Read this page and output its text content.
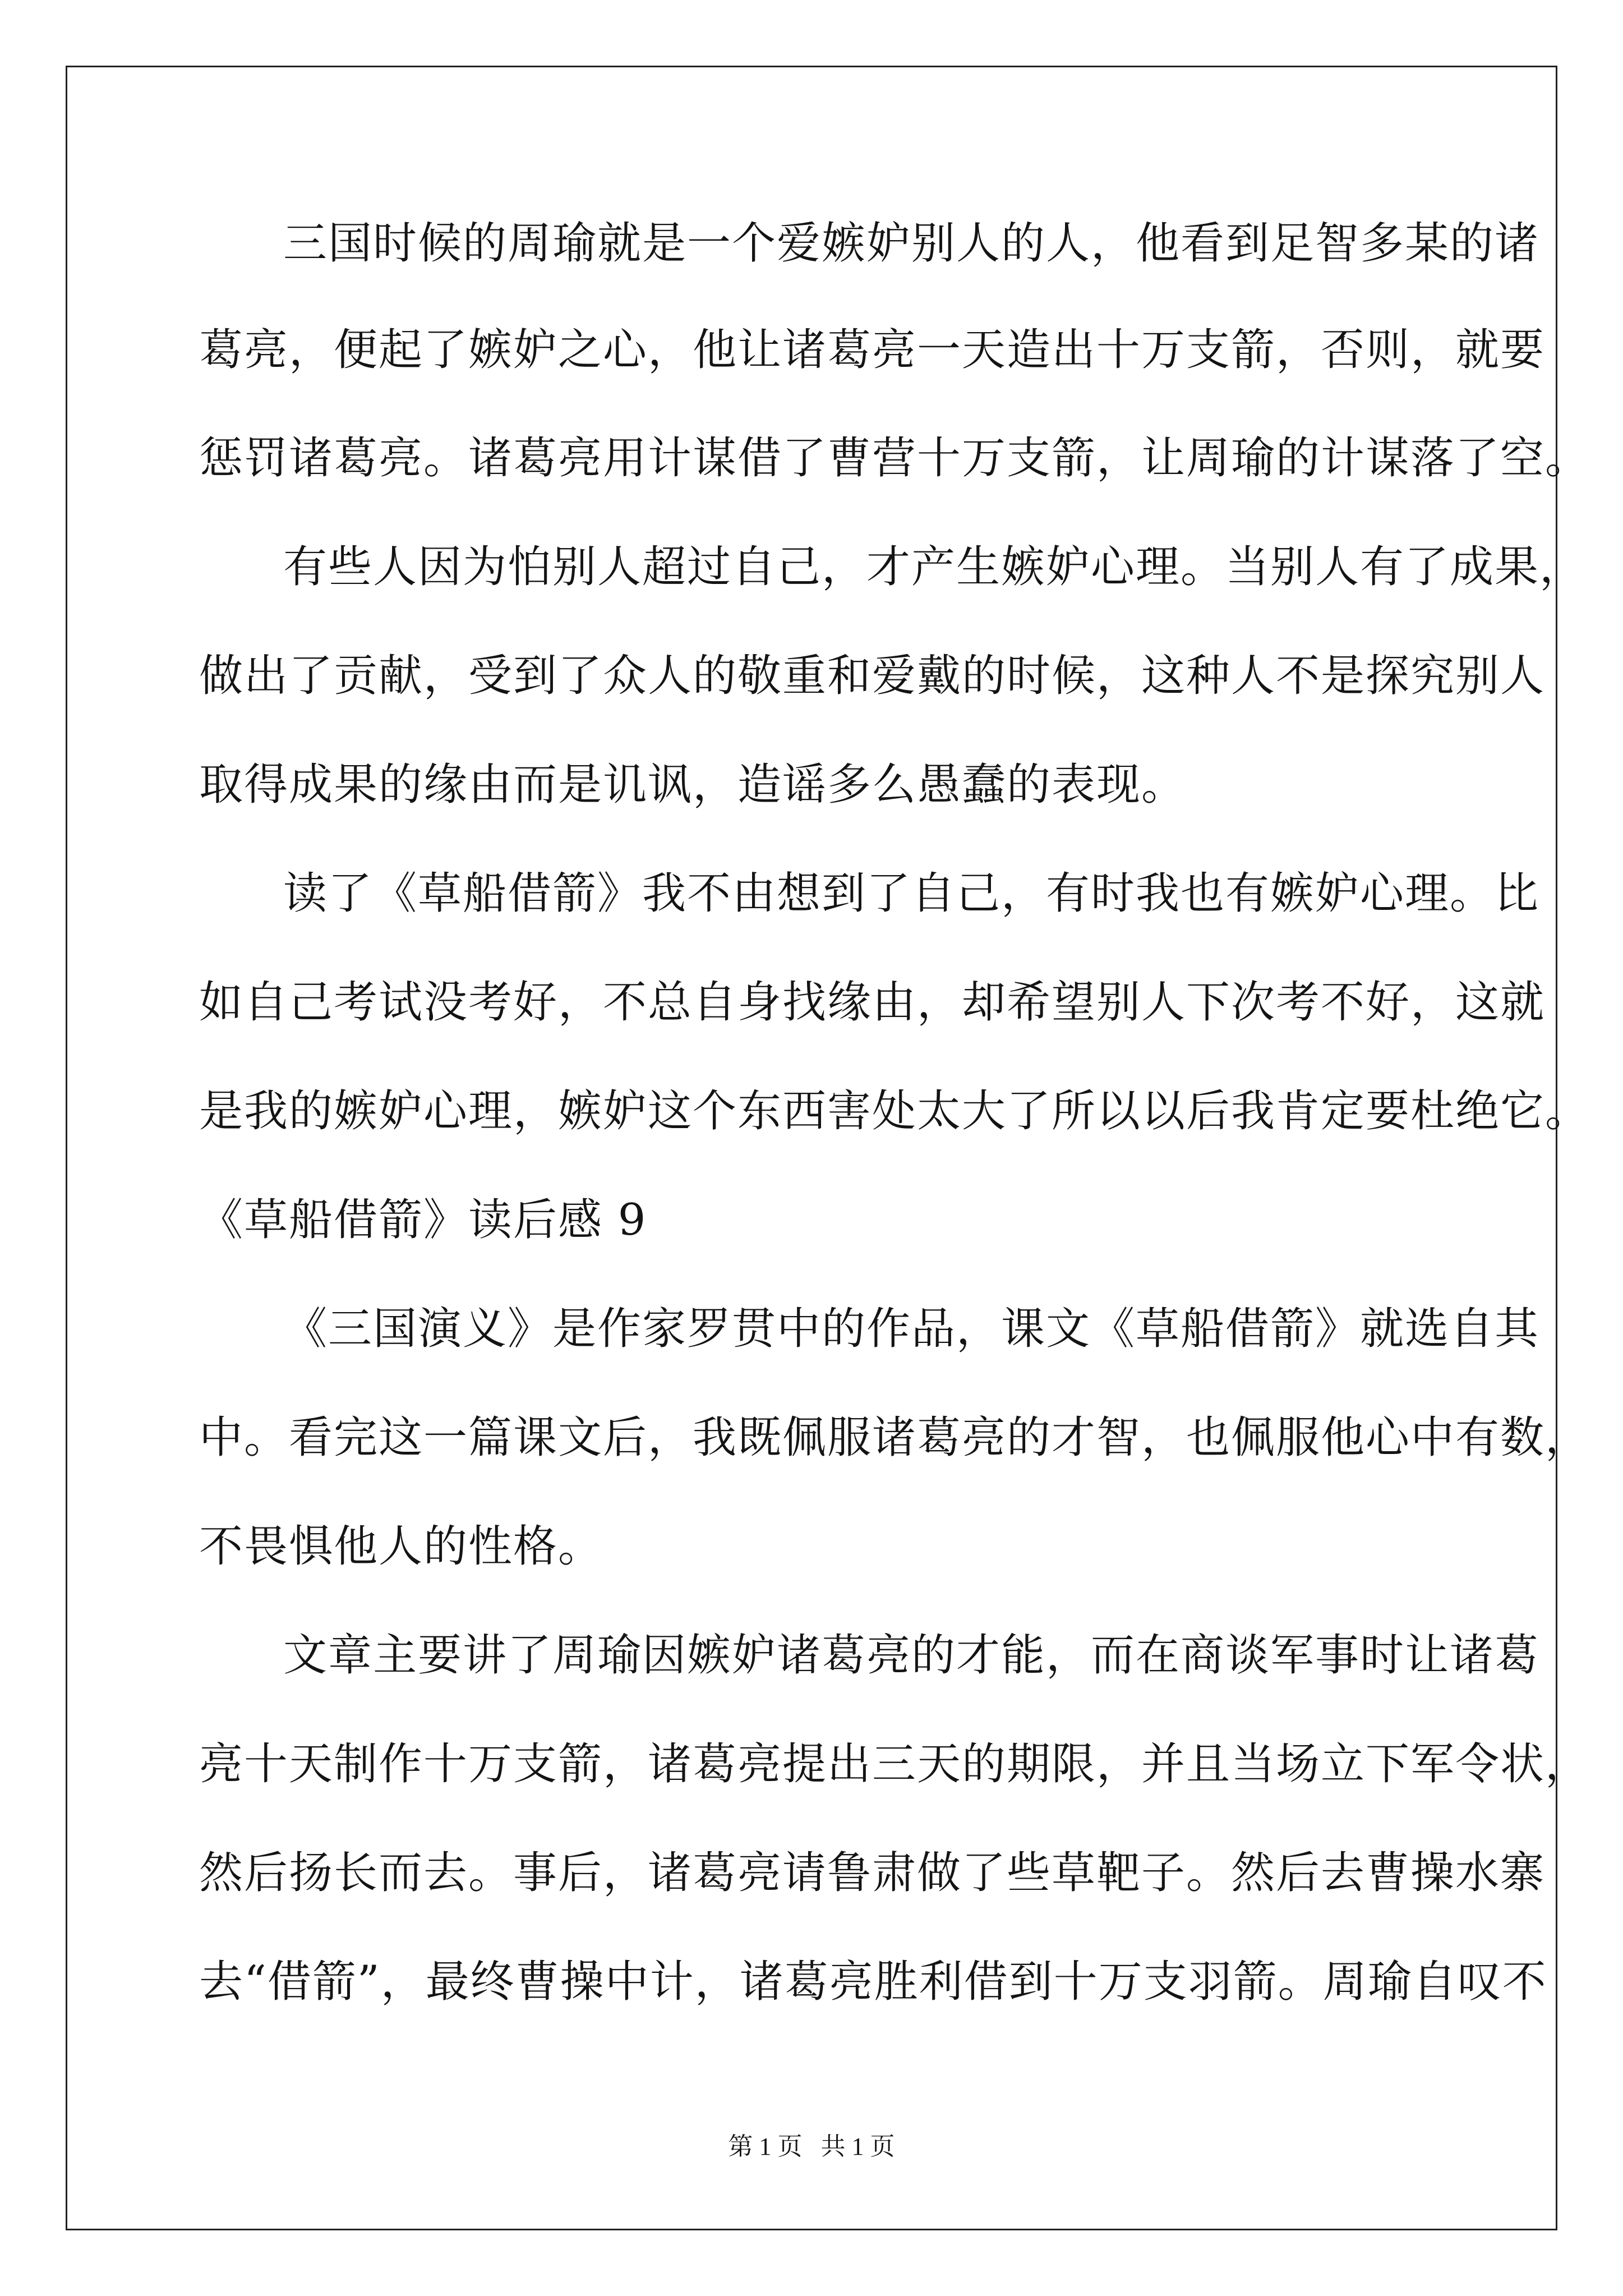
三国时候的周瑜就是一个爱嫉妒别人的人，他看到足智多某的诸
葛亮，便起了嫉妒之心，他让诸葛亮一天造出十万支箭，否则，就要
惩罚诸葛亮。诸葛亮用计谋借了曹营十万支箭，让周瑜的计谋落了空。
有些人因为怕别人超过自己，才产生嫉妒心理。当别人有了成果，
做出了贡献，受到了众人的敬重和爱戴的时候，这种人不是探究别人
取得成果的缘由而是讥讽，造谣多么愚蠢的表现。
读了《草船借箭》我不由想到了自己，有时我也有嫉妒心理。比
如自己考试没考好，不总自身找缘由，却希望别人下次考不好，这就
是我的嫉妒心理，嫉妒这个东西害处太大了所以以后我肯定要杜绝它。
《草船借箭》读后感 9
《三国演义》是作家罗贯中的作品，课文《草船借箭》就选自其
中。看完这一篇课文后，我既佩服诸葛亮的才智，也佩服他心中有数，
不畏惧他人的性格。
文章主要讲了周瑜因嫉妒诸葛亮的才能，而在商谈军事时让诸葛
亮十天制作十万支箭，诸葛亮提出三天的期限，并且当场立下军令状，
然后扬长而去。事后，诸葛亮请鲁肃做了些草靶子。然后去曹操水寨
去“借箭”，最终曹操中计，诸葛亮胜利借到十万支羽箭。周瑜自叹不
第 1 页   共 1 页
